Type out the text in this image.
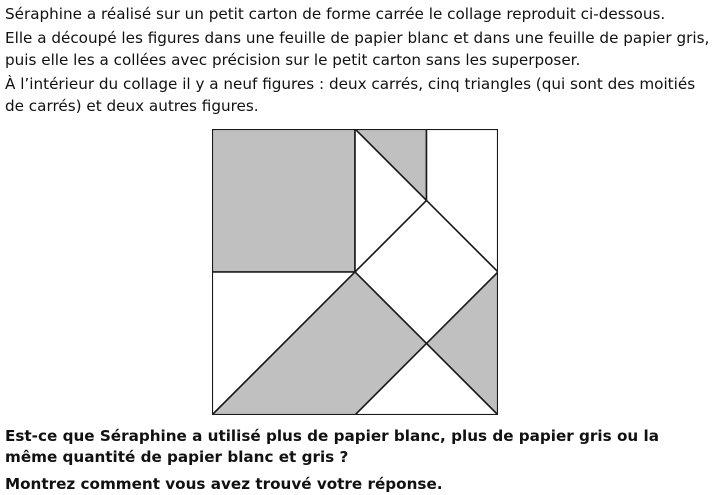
Séraphine a réalisé sur un petit carton de forme carrée le collage reproduit ci-dessous.

Elle a découpé les figures dans une feuille de papier blanc et dans une feuille de papier gris, puis elle les a collées avec précision sur le petit carton sans les superposer.

À l’intérieur du collage il y a neuf figures : deux carrés, cinq triangles (qui sont des moitiés de carrés) et deux autres figures.

Est-ce que Séraphine a utilisé plus de papier blanc, plus de papier gris ou la même quantité de papier blanc et gris ?

Montrez comment vous avez trouvé votre réponse.
